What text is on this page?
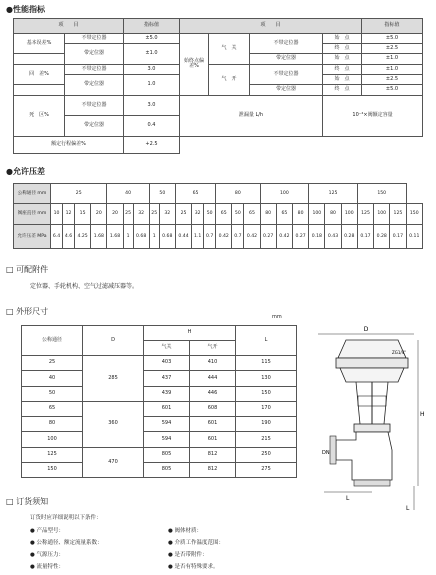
●性能指标
项　　目		指标值	项　　目				指标值
基本误差%	不带定位器	±5.0	始终点偏差%	气　关	不带定位器	始　点	±5.0
	带定位器	±1.0				终　点	±2.5
					带定位器	始　点	±1.0
回　差%	不带定位器	3.0		气　开	不带定位器	终　点	±1.0
	带定位器	1.0				始　点	±2.5
					带定位器	终　点	±5.0
死　区%	不带定位器	3.0	泄漏量 L/h			10⁻⁴×阀额定容量	
	带定位器	0.4					
额定行程偏差%		+2.5					
●允许压差
公称通径 mm	25				40			50		65			80			100			125			150			
阀座直径 mm	10	12	15	20	20	25	32	25	32	25	32	50	65	50	65	80	65	80	100	80	100	125	100	125	150
允许压差 MPa	6.4	4.6	4.25	1.68	1.68	1	0.68	1	0.68	0.44	1.1	0.7	0.42	0.7	0.42	0.27	0.42	0.27	0.18	0.43	0.28	0.17	0.28	0.17	0.11
□ 可配附件
定位器、手轮机构、空气过滤减压器等。
□ 外形尺寸
mm
公称通径	D	H		L
		气关	气开	
25	285	403	410	115
40		437	444	130
50		439	446	150
65	360	601	608	170
80		594	601	190
100		594	601	215
125	470	805	812	250
150		805	812	275
D
ZG1/4"
H
DN
L
L
□ 订货须知
订货时应详细说明以下条件：
● 产品型号：
● 公称通径、额定流量系数：
● 气源压力：
● 流量特性：
● 阀体材质：
● 介质工作温度范围：
● 是否带附件：
● 是否有特殊要求。
